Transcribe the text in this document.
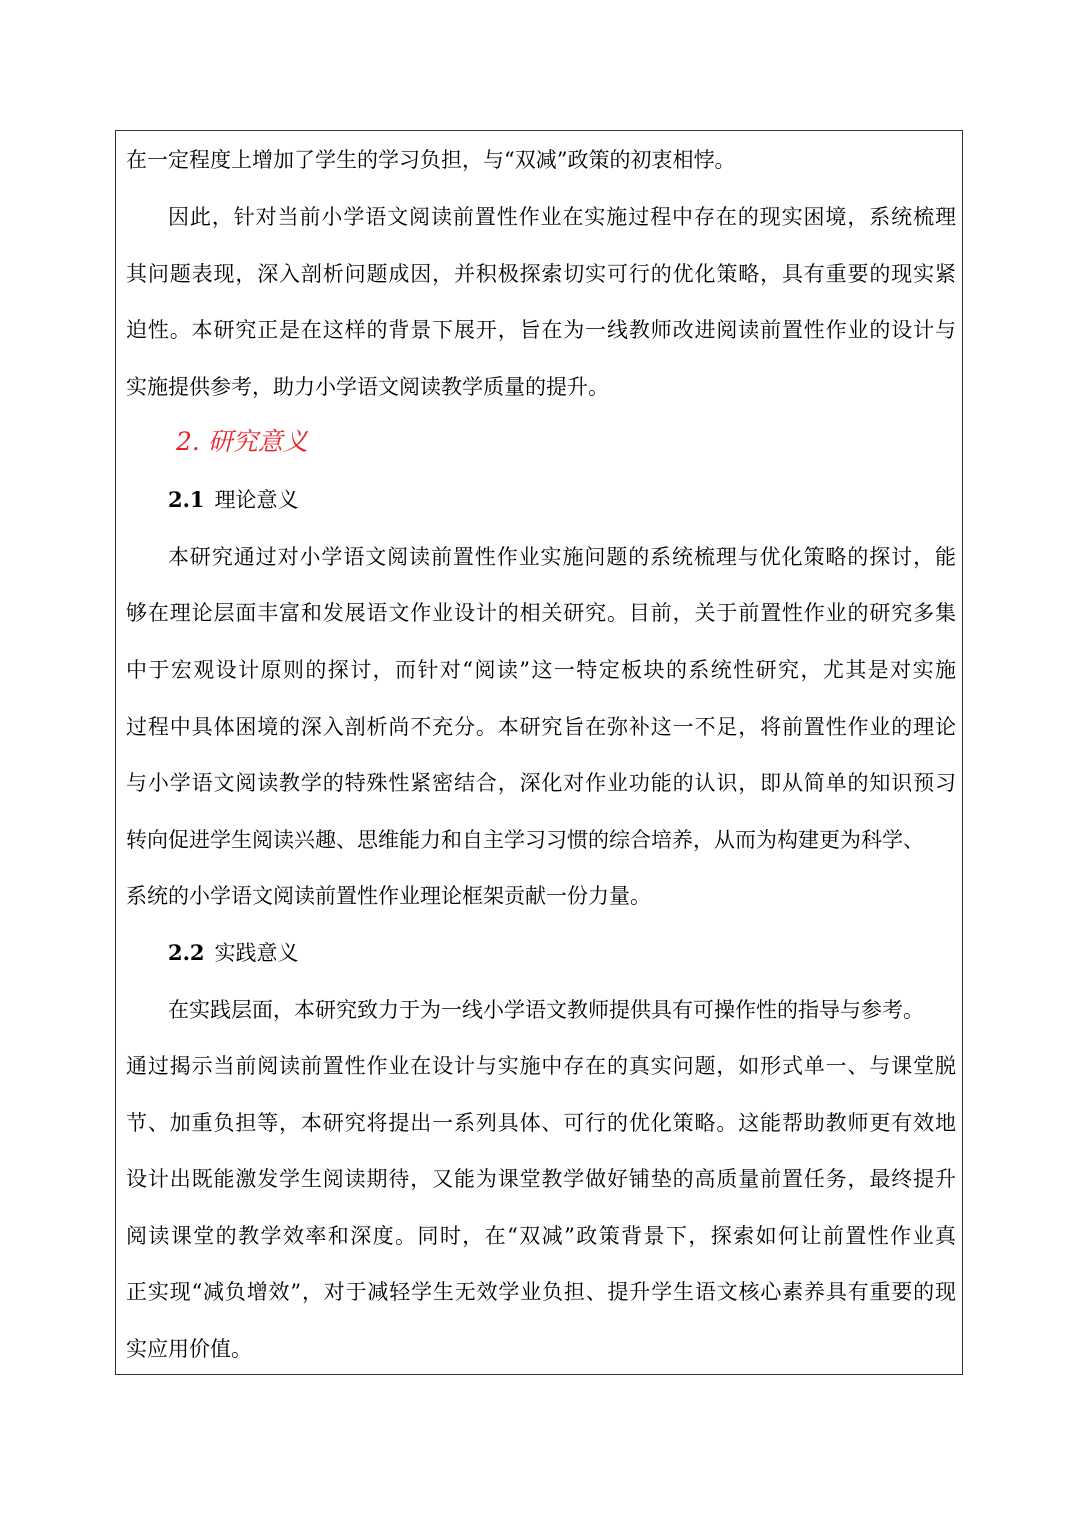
在一定程度上增加了学生的学习负担，与“双减”政策的初衷相悖。
因此，针对当前小学语文阅读前置性作业在实施过程中存在的现实困境，系统梳理
其问题表现，深入剖析问题成因，并积极探索切实可行的优化策略，具有重要的现实紧
迫性。本研究正是在这样的背景下展开，旨在为一线教师改进阅读前置性作业的设计与
实施提供参考，助力小学语文阅读教学质量的提升。
2. 研究意义
2.1 理论意义
本研究通过对小学语文阅读前置性作业实施问题的系统梳理与优化策略的探讨，能
够在理论层面丰富和发展语文作业设计的相关研究。目前，关于前置性作业的研究多集
中于宏观设计原则的探讨，而针对“阅读”这一特定板块的系统性研究，尤其是对实施
过程中具体困境的深入剖析尚不充分。本研究旨在弥补这一不足，将前置性作业的理论
与小学语文阅读教学的特殊性紧密结合，深化对作业功能的认识，即从简单的知识预习
转向促进学生阅读兴趣、思维能力和自主学习习惯的综合培养，从而为构建更为科学、
系统的小学语文阅读前置性作业理论框架贡献一份力量。
2.2 实践意义
在实践层面，本研究致力于为一线小学语文教师提供具有可操作性的指导与参考。
通过揭示当前阅读前置性作业在设计与实施中存在的真实问题，如形式单一、与课堂脱
节、加重负担等，本研究将提出一系列具体、可行的优化策略。这能帮助教师更有效地
设计出既能激发学生阅读期待，又能为课堂教学做好铺垫的高质量前置任务，最终提升
阅读课堂的教学效率和深度。同时，在“双减”政策背景下，探索如何让前置性作业真
正实现“减负增效”，对于减轻学生无效学业负担、提升学生语文核心素养具有重要的现
实应用价值。
